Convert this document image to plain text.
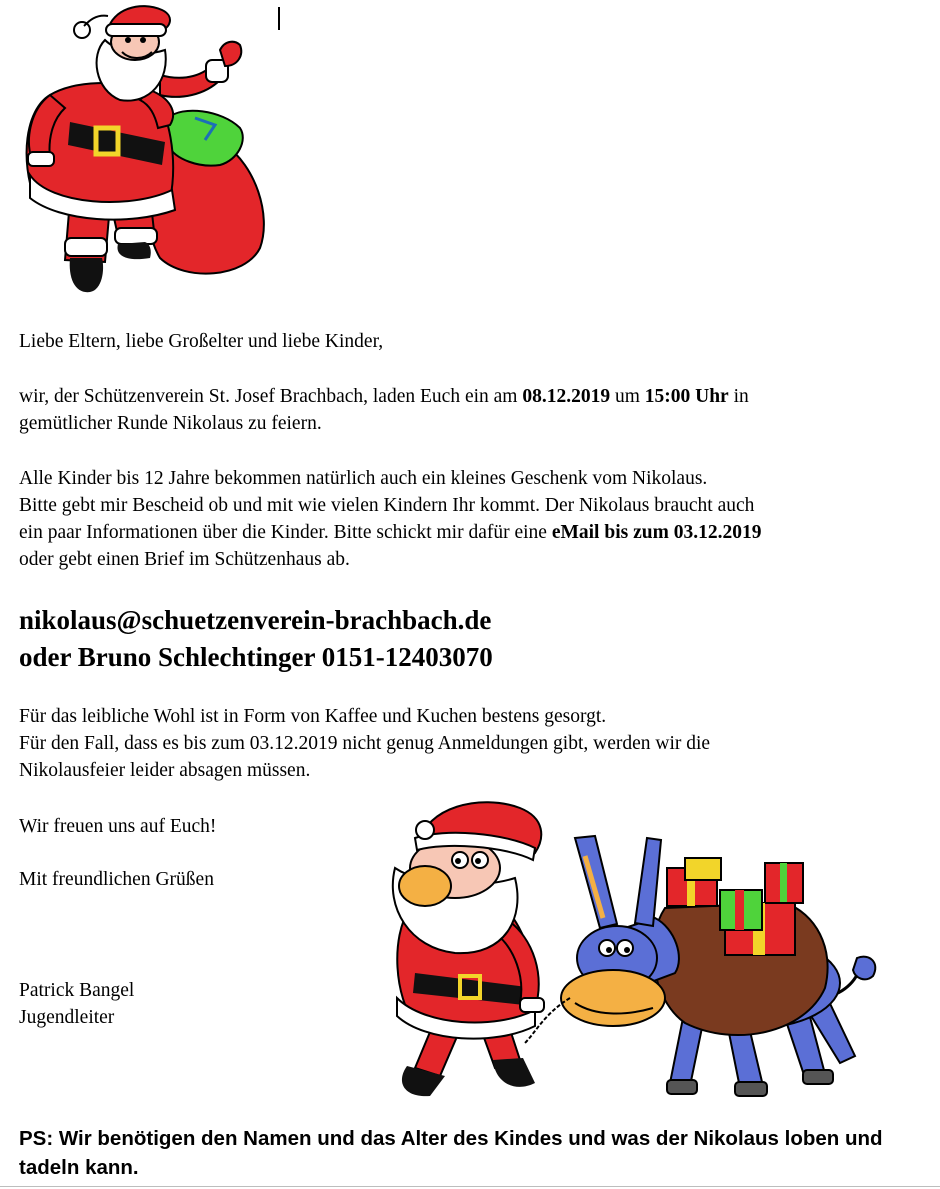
Liebe Eltern, liebe Großelter und liebe Kinder,
wir, der Schützenverein St. Josef Brachbach, laden Euch ein am 08.12.2019 um 15:00 Uhr in
gemütlicher Runde Nikolaus zu feiern.
Alle Kinder bis 12 Jahre bekommen natürlich auch ein kleines Geschenk vom Nikolaus.
Bitte gebt mir Bescheid ob und mit wie vielen Kindern Ihr kommt. Der Nikolaus braucht auch
ein paar Informationen über die Kinder. Bitte schickt mir dafür eine eMail bis zum 03.12.2019
oder gebt einen Brief im Schützenhaus ab.
nikolaus@schuetzenverein-brachbach.de
oder Bruno Schlechtinger 0151-12403070
Für das leibliche Wohl ist in Form von Kaffee und Kuchen bestens gesorgt.
Für den Fall, dass es bis zum 03.12.2019 nicht genug Anmeldungen gibt, werden wir die
Nikolausfeier leider absagen müssen.
Wir freuen uns auf Euch!
Mit freundlichen Grüßen
Patrick Bangel
Jugendleiter
PS: Wir benötigen den Namen und das Alter des Kindes und was der Nikolaus loben und tadeln kann.
